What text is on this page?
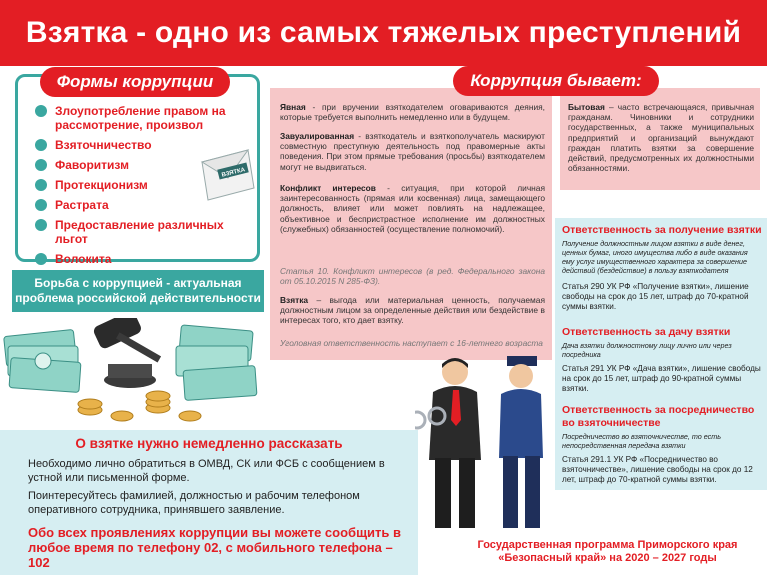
Взятка - одно из самых тяжелых преступлений
Формы коррупции
Злоупотребление правом на рассмотрение, произвол
Взяточничество
Фаворитизм
Протекционизм
Растрата
Предоставление различных льгот
Волокита
ВЗЯТКА
Борьба с коррупцией - актуальная проблема российской действительности
Коррупция бывает:
Явная - при вручении взяткодателем оговариваются деяния, которые требуется выполнить немедленно или в будущем.
Завуалированная - взяткодатель и взяткополучатель маскируют совместную преступную деятельность под правомерные акты поведения. При этом прямые требования (просьбы) взяткодателем могут не выдвигаться.
Конфликт интересов - ситуация, при которой личная заинтересованность (прямая или косвенная) лица, замещающего должность, влияет или может повлиять на надлежащее, объективное и беспристрастное исполнение им должностных (служебных) обязанностей (осуществление полномочий).
Статья 10. Конфликт интересов (в ред. Федерального закона от 05.10.2015 N 285-ФЗ).
Взятка – выгода или материальная ценность, получаемая должностным лицом за определенные действия или бездействие в интересах того, кто дает взятку.
Уголовная ответственность наступает с 16-летнего возраста
Бытовая – часто встречающаяся, привычная гражданам. Чиновники и сотрудники государственных, а также муниципальных предприятий и организаций вынуждают граждан платить взятки за совершение действий, предусмотренных их должностными обязанностями.
Ответственность за получение взятки
Получение должностным лицом взятки в виде денег, ценных бумаг, иного имущества либо в виде оказания ему услуг имущественного характера за совершение действий (бездействие) в пользу взяткодателя
Статья 290 УК РФ «Получение взятки», лишение свободы на срок до 15 лет, штраф до 70-кратной суммы взятки.
Ответственность за дачу взятки
Дача взятки должностному лицу лично или через посредника
Статья 291 УК РФ «Дача взятки», лишение свободы на срок до 15 лет, штраф до 90-кратной суммы взятки.
Ответственность за посредничество во взяточничестве
Посредничество во взяточничестве, то есть непосредственная передача взятки
Статья 291.1 УК РФ «Посредничество во взяточничестве», лишение свободы на срок до 12 лет, штраф до 70-кратной суммы взятки.
О взятке нужно немедленно рассказать
Необходимо лично обратиться в ОМВД, СК или ФСБ с сообщением в устной или письменной форме.
Поинтересуйтесь фамилией, должностью и рабочим телефоном оперативного сотрудника, принявшего заявление.
Обо всех проявлениях коррупции вы можете сообщить в любое время по телефону 02, с мобильного телефона – 102
Государственная программа Приморского края
«Безопасный край» на 2020 – 2027 годы
